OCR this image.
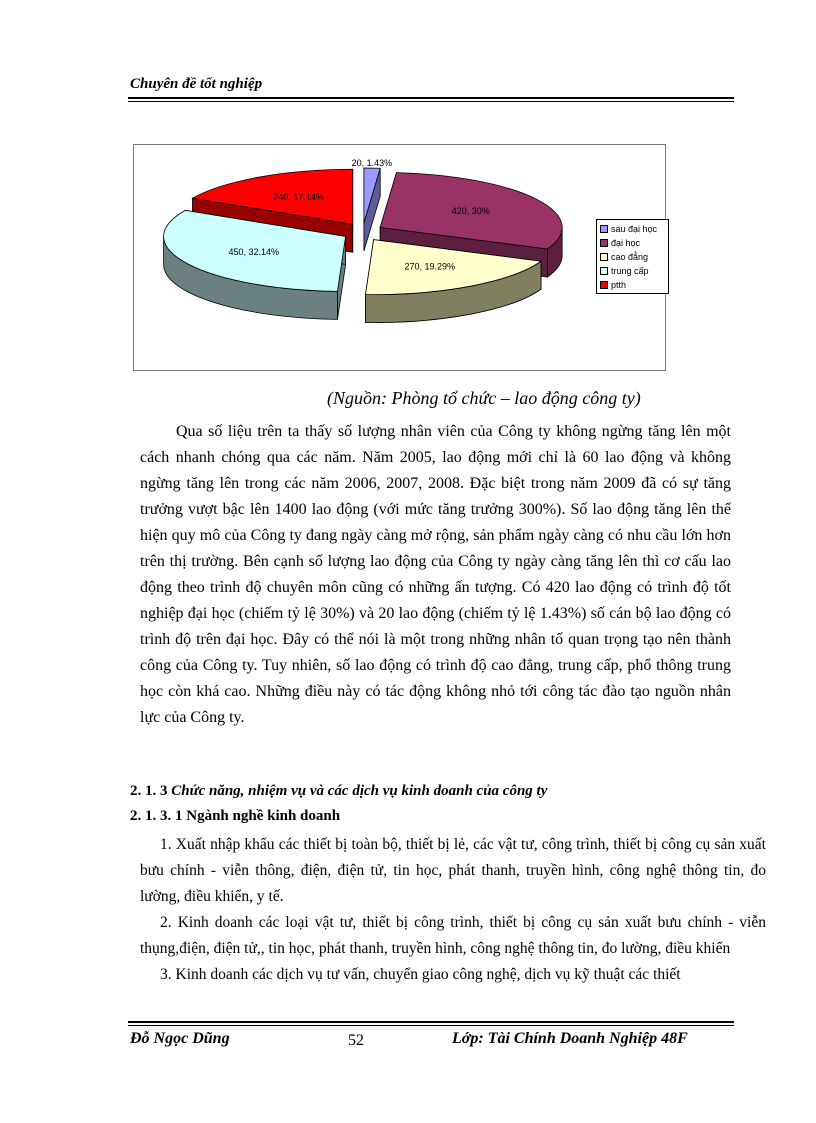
Chuyên đề tốt nghiệp
20, 1.43%
420, 30%
270, 19.29%
450, 32.14%
240, 17.14%
sau đại học
đại học
cao đẳng
trung cấp
ptth
(Nguồn: Phòng tổ chức – lao động công ty)

Qua số liệu trên ta thấy số lượng nhân viên của Công ty không ngừng tăng lên một cách nhanh chóng qua các năm. Năm 2005, lao động mới chỉ là 60 lao động và không ngừng tăng lên trong các năm 2006, 2007, 2008. Đặc biệt trong năm 2009 đã có sự tăng trưởng vượt bậc lên 1400 lao động (với mức tăng trưởng 300%). Số lao động tăng lên thể hiện quy mô của Công ty đang ngày càng mở rộng, sản phẩm ngày càng có nhu cầu lớn hơn trên thị trường. Bên cạnh số lượng lao động của Công ty ngày càng tăng lên thì cơ cấu lao động theo trình độ chuyên môn cũng có những ấn tượng. Có 420 lao động có trình độ tốt nghiệp đại học (chiếm tỷ lệ 30%) và 20 lao động (chiếm tỷ lệ 1.43%) số cán bộ lao động có trình độ trên đại học. Đây có thể nói là một trong những nhân tố quan trọng tạo nên thành công của Công ty. Tuy nhiên, số lao động có trình độ cao đẳng, trung cấp, phổ thông trung học còn khá cao. Những điều này có tác động không nhỏ tới công tác đào tạo nguồn nhân lực của Công ty.

2. 1. 3 Chức năng, nhiệm vụ và các dịch vụ kinh doanh của công ty
2. 1. 3. 1 Ngành nghề kinh doanh

1. Xuất nhập khẩu các thiết bị toàn bộ, thiết bị lẻ, các vật tư, công trình, thiết bị công cụ sản xuất bưu chính - viễn thông, điện, điện tử, tin học, phát thanh, truyền hình, công nghệ thông tin, đo lường, điều khiển, y tế.

2. Kinh doanh các loại vật tư, thiết bị công trình, thiết bị công cụ sản xuất bưu chính - viễn thụng,điện, điện tử,, tin học, phát thanh, truyền hình, công nghệ thông tin, đo lường, điều khiển

3. Kinh doanh các dịch vụ tư vấn, chuyển giao công nghệ, dịch vụ kỹ thuật các thiết

Đỗ Ngọc Dũng	52	Lớp: Tài Chính Doanh Nghiệp 48F
